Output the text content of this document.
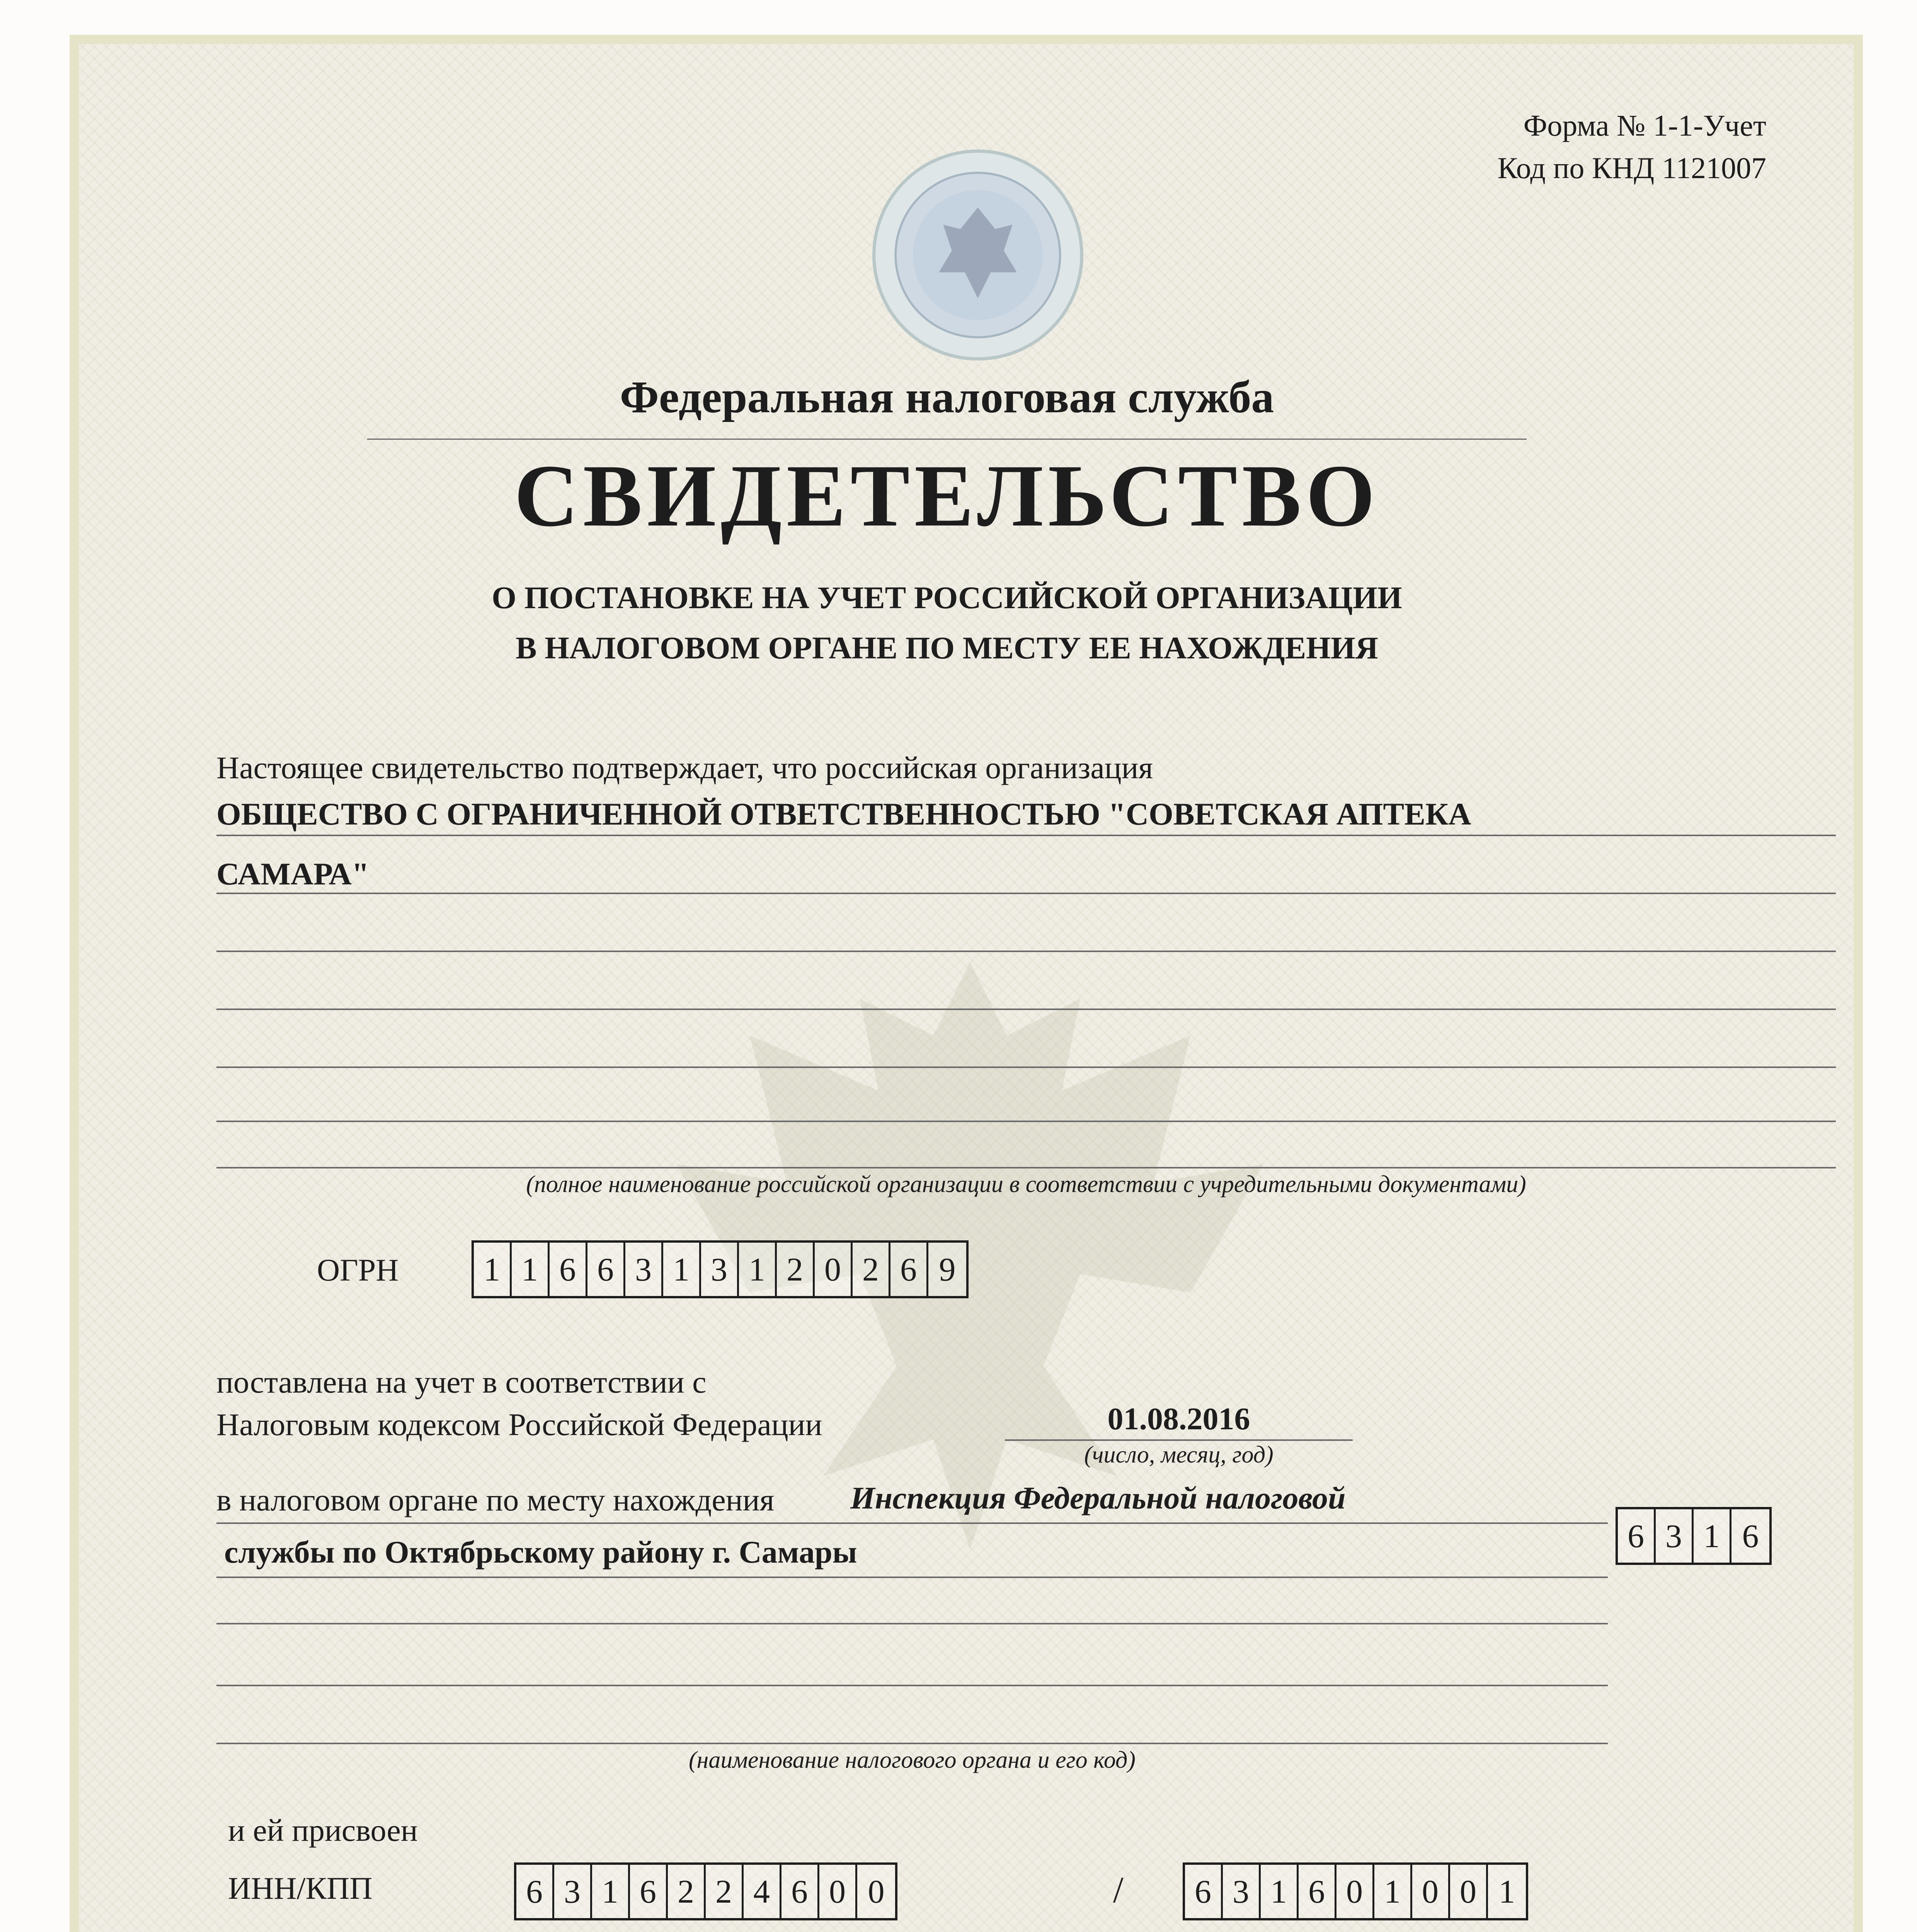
Форма № 1-1-Учет
Код по КНД 1121007
Федеральная налоговая служба
СВИДЕТЕЛЬСТВО
О ПОСТАНОВКЕ НА УЧЕТ РОССИЙСКОЙ ОРГАНИЗАЦИИ
В НАЛОГОВОМ ОРГАНЕ ПО МЕСТУ ЕЕ НАХОЖДЕНИЯ
Настоящее свидетельство подтверждает, что российская организация
ОБЩЕСТВО С ОГРАНИЧЕННОЙ ОТВЕТСТВЕННОСТЬЮ "СОВЕТСКАЯ АПТЕКА
САМАРА"
(полное наименование российской организации в соответствии с учредительными документами)
ОГРН	1 1 6 6 3 1 3 1 2 0 2 6 9
поставлена на учет в соответствии с
Налоговым кодексом Российской Федерации	01.08.2016
(число, месяц, год)
в налоговом органе по месту нахождения Инспекция Федеральной налоговой
службы по Октябрьскому району г. Самары
(наименование налогового органа и его код)
6 3 1 6
и ей присвоен
ИНН/КПП	6 3 1 6 2 2 4 6 0 0	/ 6 3 1 6 0 1 0 0 1
